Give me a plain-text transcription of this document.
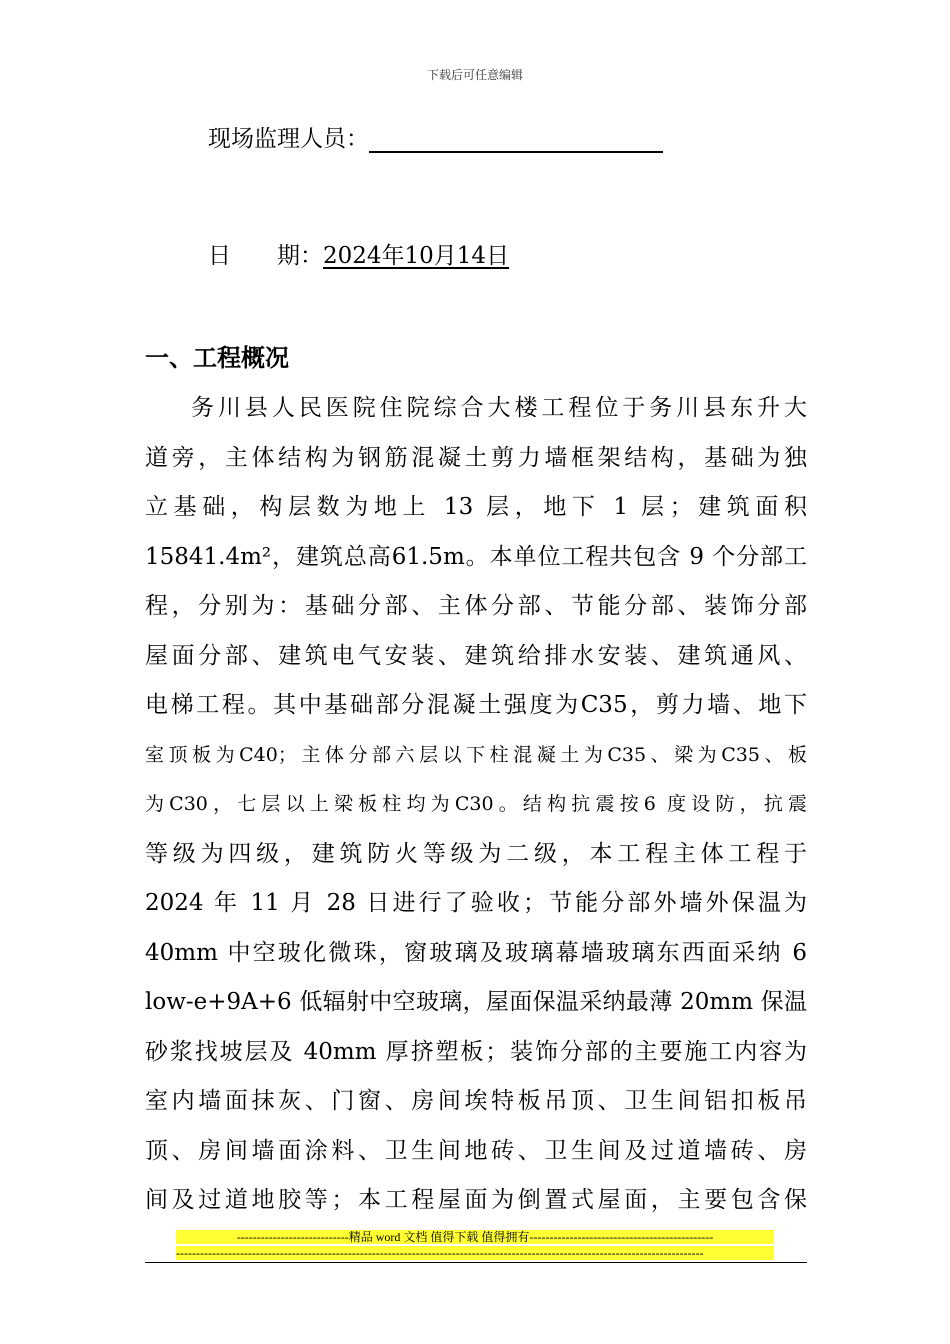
下载后可任意编辑
现场监理人员：
日　　期：2024年10月14日
一、工程概况
务川县人民医院住院综合大楼工程位于务川县东升大
道旁，主体结构为钢筋混凝土剪力墙框架结构，基础为独
立基础，构层数为地上 13 层，地下 1 层；建筑面积
15841.4m²，建筑总高61.5m。本单位工程共包含 9 个分部工
程，分别为：基础分部、主体分部、节能分部、装饰分部
屋面分部、建筑电气安装、建筑给排水安装、建筑通风、
电梯工程。其中基础部分混凝土强度为C35，剪力墙、地下
室顶板为C40；主体分部六层以下柱混凝土为C35、梁为C35、板
为C30，七层以上梁板柱均为C30。结构抗震按6 度设防，抗震
等级为四级，建筑防火等级为二级，本工程主体工程于
2024 年 11 月 28 日进行了验收；节能分部外墙外保温为
40mm 中空玻化微珠，窗玻璃及玻璃幕墙玻璃东西面采纳 6
low-e+9A+6 低辐射中空玻璃，屋面保温采纳最薄 20mm 保温
砂浆找坡层及 40mm 厚挤塑板；装饰分部的主要施工内容为
室内墙面抹灰、门窗、房间埃特板吊顶、卫生间铝扣板吊
顶、房间墙面涂料、卫生间地砖、卫生间及过道墙砖、房
间及过道地胶等；本工程屋面为倒置式屋面，主要包含保
----------------------------精品 word 文档 值得下载 值得拥有----------------------------------------------
------------------------------------------------------------------------------------------------------------------------------------
